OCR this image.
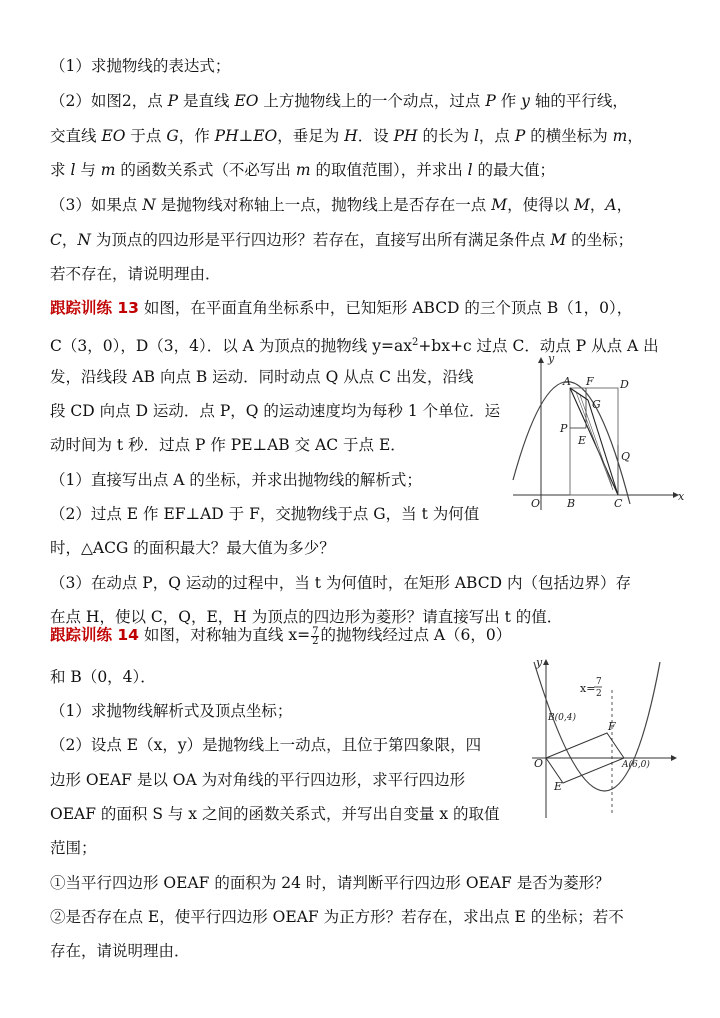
（1）求抛物线的表达式；
（2）如图2，点 P 是直线 EO 上方抛物线上的一个动点，过点 P 作 y 轴的平行线，
交直线 EO 于点 G，作 PH⊥EO，垂足为 H．设 PH 的长为 l，点 P 的横坐标为 m，
求 l 与 m 的函数关系式（不必写出 m 的取值范围），并求出 l 的最大值；
（3）如果点 N 是抛物线对称轴上一点，抛物线上是否存在一点 M，使得以 M，A，
C，N 为顶点的四边形是平行四边形？若存在，直接写出所有满足条件点 M 的坐标；
若不存在，请说明理由．
跟踪训练 13 如图，在平面直角坐标系中，已知矩形 ABCD 的三个顶点 B（1，0），
C（3，0），D（3，4）．以 A 为顶点的抛物线 $y=ax^2+bx+c$ 过点 C．动点 P 从点 A 出
发，沿线段 AB 向点 B 运动．同时动点 Q 从点 C 出发，沿线
段 CD 向点 D 运动．点 P，Q 的运动速度均为每秒 1 个单位．运
动时间为 t 秒．过点 P 作 PE⊥AB 交 AC 于点 E．
（1）直接写出点 A 的坐标，并求出抛物线的解析式；
（2）过点 E 作 EF⊥AD 于 F，交抛物线于点 G，当 t 为何值
时，△ACG 的面积最大？最大值为多少？
（3）在动点 P，Q 运动的过程中，当 t 为何值时，在矩形 ABCD 内（包括边界）存
在点 H，使以 C，Q，E，H 为顶点的四边形为菱形？请直接写出 t 的值．
y
x
A F D
G
P
E
Q
O B	C
跟踪训练 14 如图，对称轴为直线 $x= \frac{7}{2}$ 的抛物线经过点 A（6，0）
和 B（0，4）．
（1）求抛物线解析式及顶点坐标；
（2）设点 E（x，y）是抛物线上一动点，且位于第四象限，四
边形 OEAF 是以 OA 为对角线的平行四边形，求平行四边形
OEAF 的面积 S 与 x 之间的函数关系式，并写出自变量 x 的取值
范围；
①当平行四边形 OEAF 的面积为 24 时，请判断平行四边形 OEAF 是否为菱形？
②是否存在点 E，使平行四边形 OEAF 为正方形？若存在，求出点 E 的坐标；若不
存在，请说明理由．
y
x= 7
2
B(0,4)
F
O	A(6,0)
E
